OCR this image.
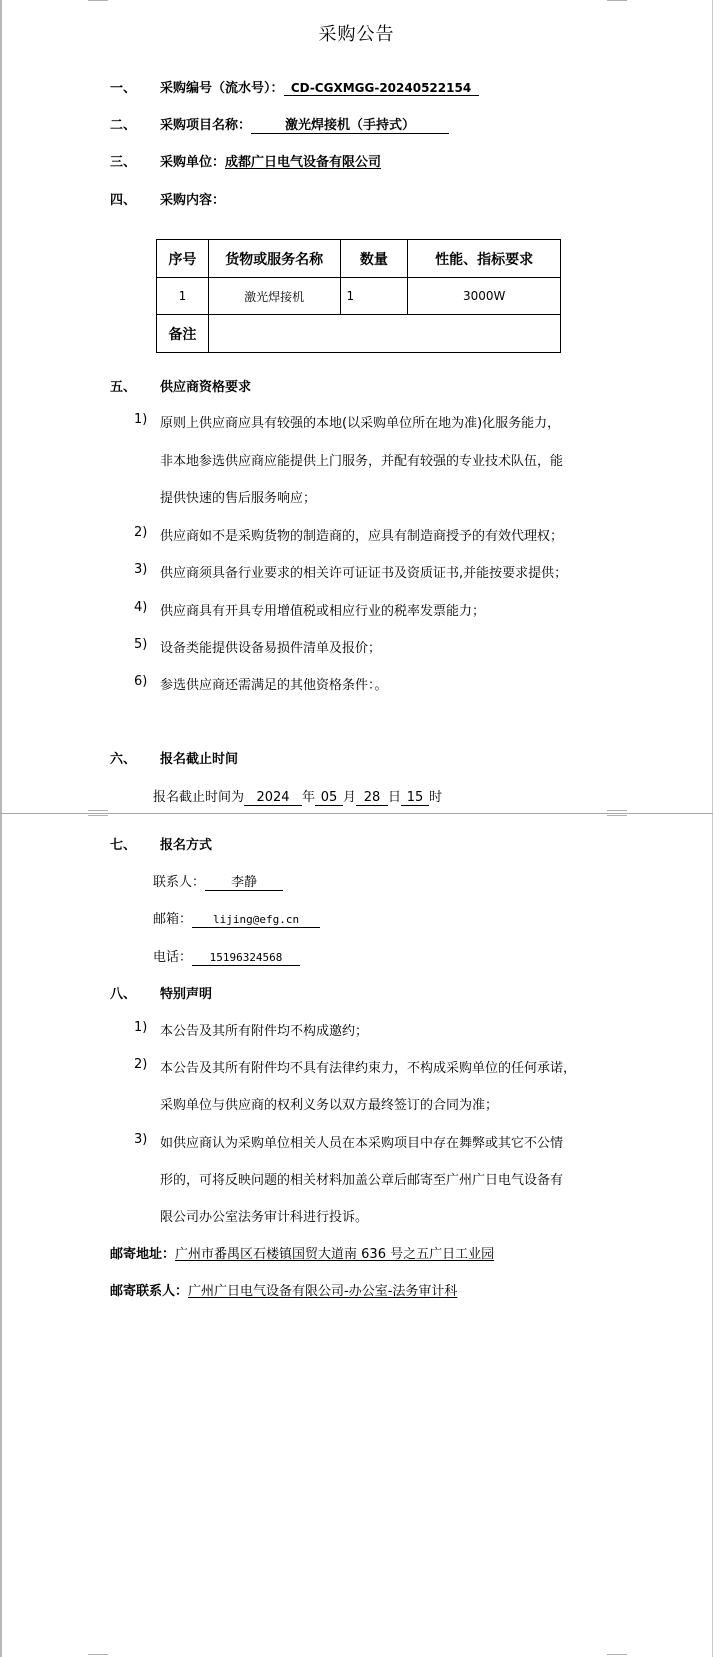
采购公告
一、 采购编号（流水号）： CD-CGXMGG-20240522154
二、 采购项目名称：	激光焊接机（手持式）
三、 采购单位：成都广日电气设备有限公司
四、 采购内容：
序号	货物或服务名称	数量	性能、指标要求
1	激光焊接机	1	3000W
备注			
五、 供应商资格要求
1) 原则上供应商应具有较强的本地(以采购单位所在地为准)化服务能力，
非本地参选供应商应能提供上门服务，并配有较强的专业技术队伍，能
提供快速的售后服务响应；
2) 供应商如不是采购货物的制造商的，应具有制造商授予的有效代理权；
3) 供应商须具备行业要求的相关许可证证书及资质证书,并能按要求提供；
4) 供应商具有开具专用增值税或相应行业的税率发票能力；
5) 设备类能提供设备易损件清单及报价；
6) 参选供应商还需满足的其他资格条件：。
六、 报名截止时间
报名截止时间为 2024 年 05 月 28 日 15 时
七、 报名方式
联系人： 李静
邮箱： lijing@efg.cn
电话： 15196324568
八、 特别声明
1) 本公告及其所有附件均不构成邀约；
2) 本公告及其所有附件均不具有法律约束力，不构成采购单位的任何承诺，
采购单位与供应商的权利义务以双方最终签订的合同为准；
3) 如供应商认为采购单位相关人员在本采购项目中存在舞弊或其它不公情
形的，可将反映问题的相关材料加盖公章后邮寄至广州广日电气设备有
限公司办公室法务审计科进行投诉。
邮寄地址：广州市番禺区石楼镇国贸大道南 636 号之五广日工业园
邮寄联系人：广州广日电气设备有限公司-办公室-法务审计科
